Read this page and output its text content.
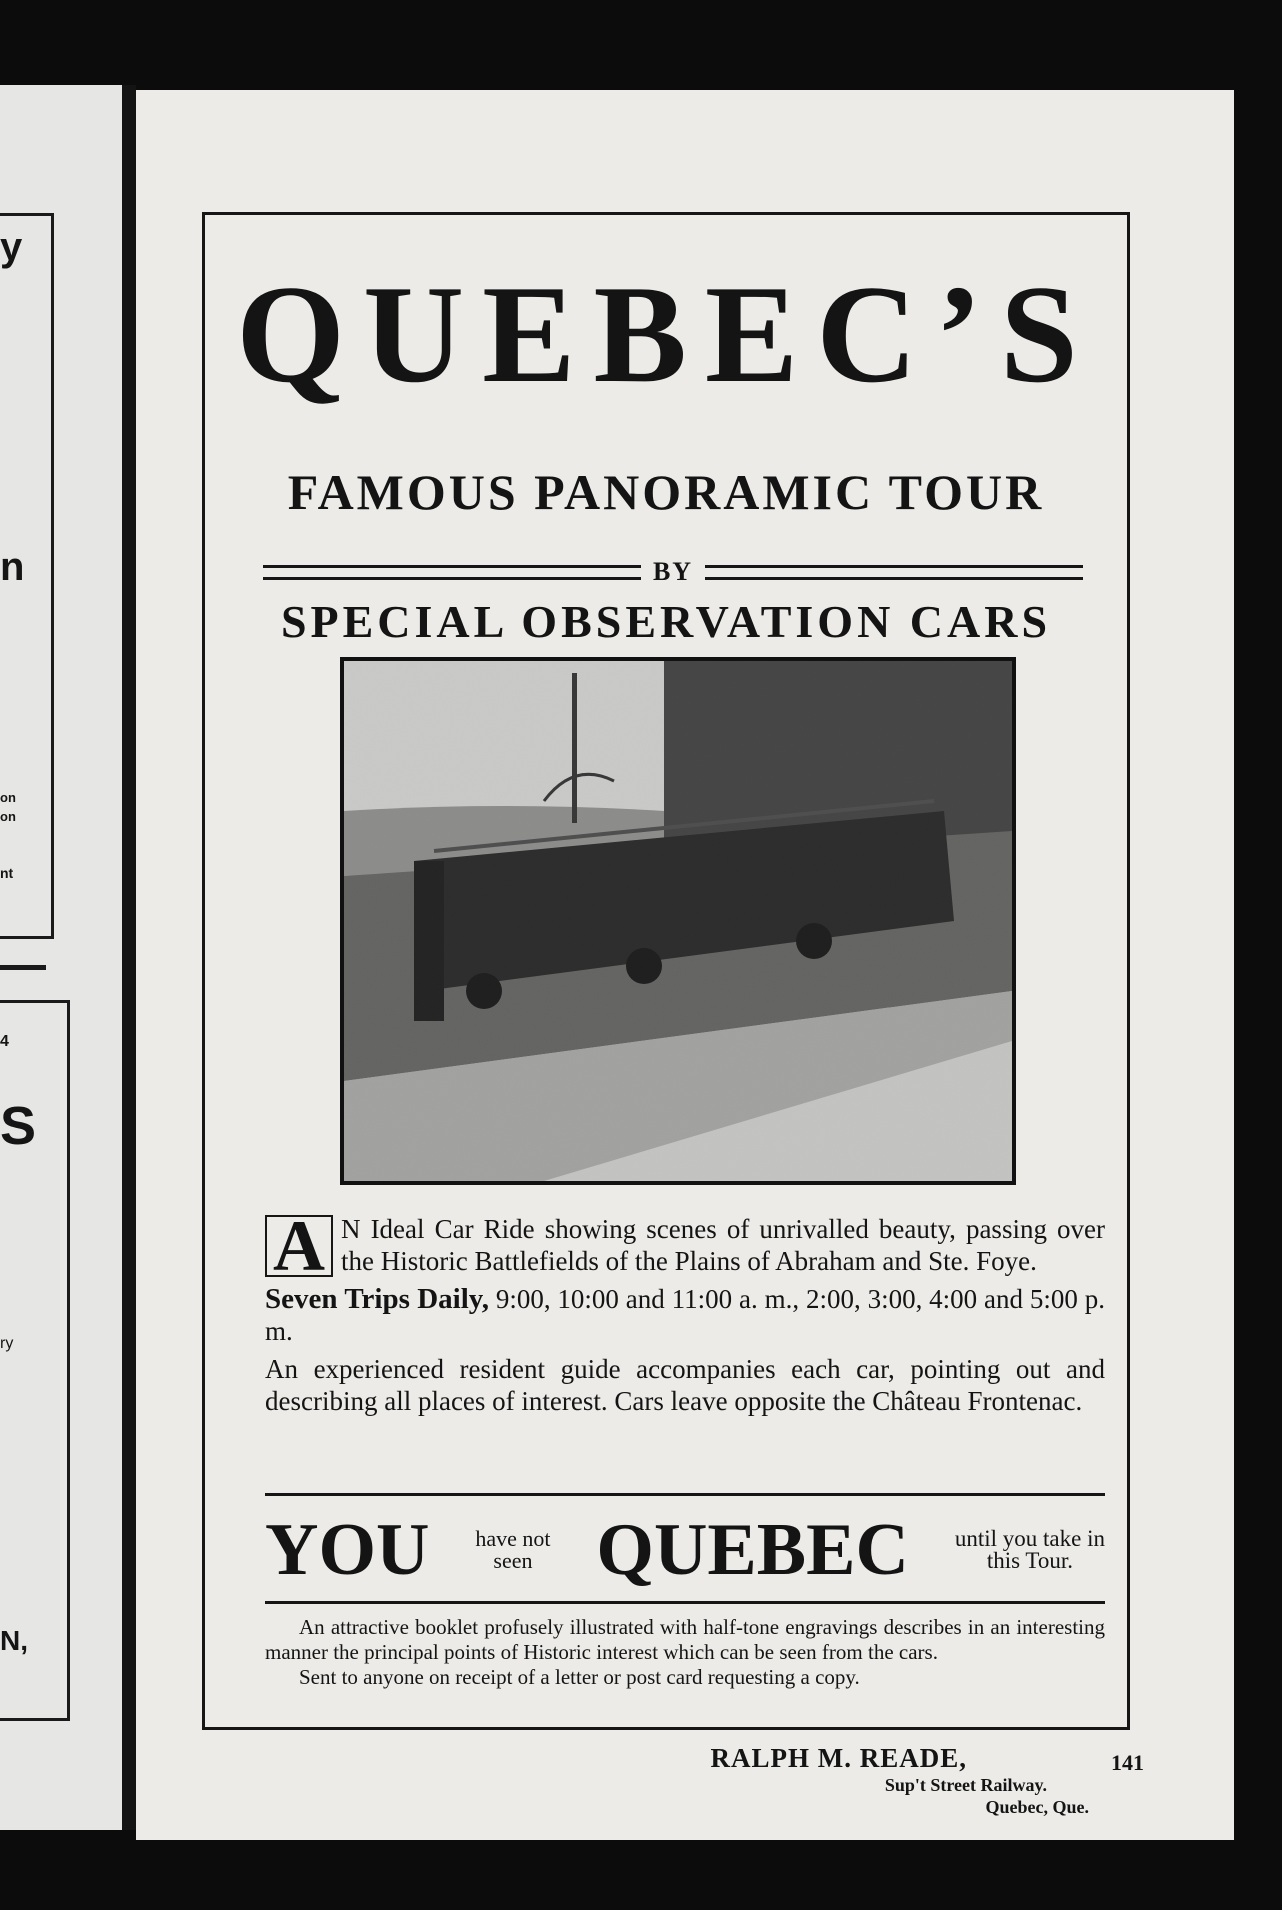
y
n
on
on
nt
4
S
ry
N,
QUEBEC’S
FAMOUS PANORAMIC TOUR
BY
SPECIAL OBSERVATION CARS

A N Ideal Car Ride showing scenes of unrivalled beauty, passing over the Historic Battlefields of the Plains of Abraham and Ste. Foye.

Seven Trips Daily, 9:00, 10:00 and 11:00 a. m., 2:00, 3:00, 4:00 and 5:00 p. m.

An experienced resident guide accompanies each car, pointing out and describing all places of interest. Cars leave opposite the Château Frontenac.

YOU have not
seen QUEBEC until you take in
this Tour.

An attractive booklet profusely illustrated with half-tone engravings describes in an interesting manner the principal points of Historic interest which can be seen from the cars.

Sent to anyone on receipt of a letter or post card requesting a copy.

RALPH M. READE,
Sup't Street Railway.
Quebec, Que.
141
